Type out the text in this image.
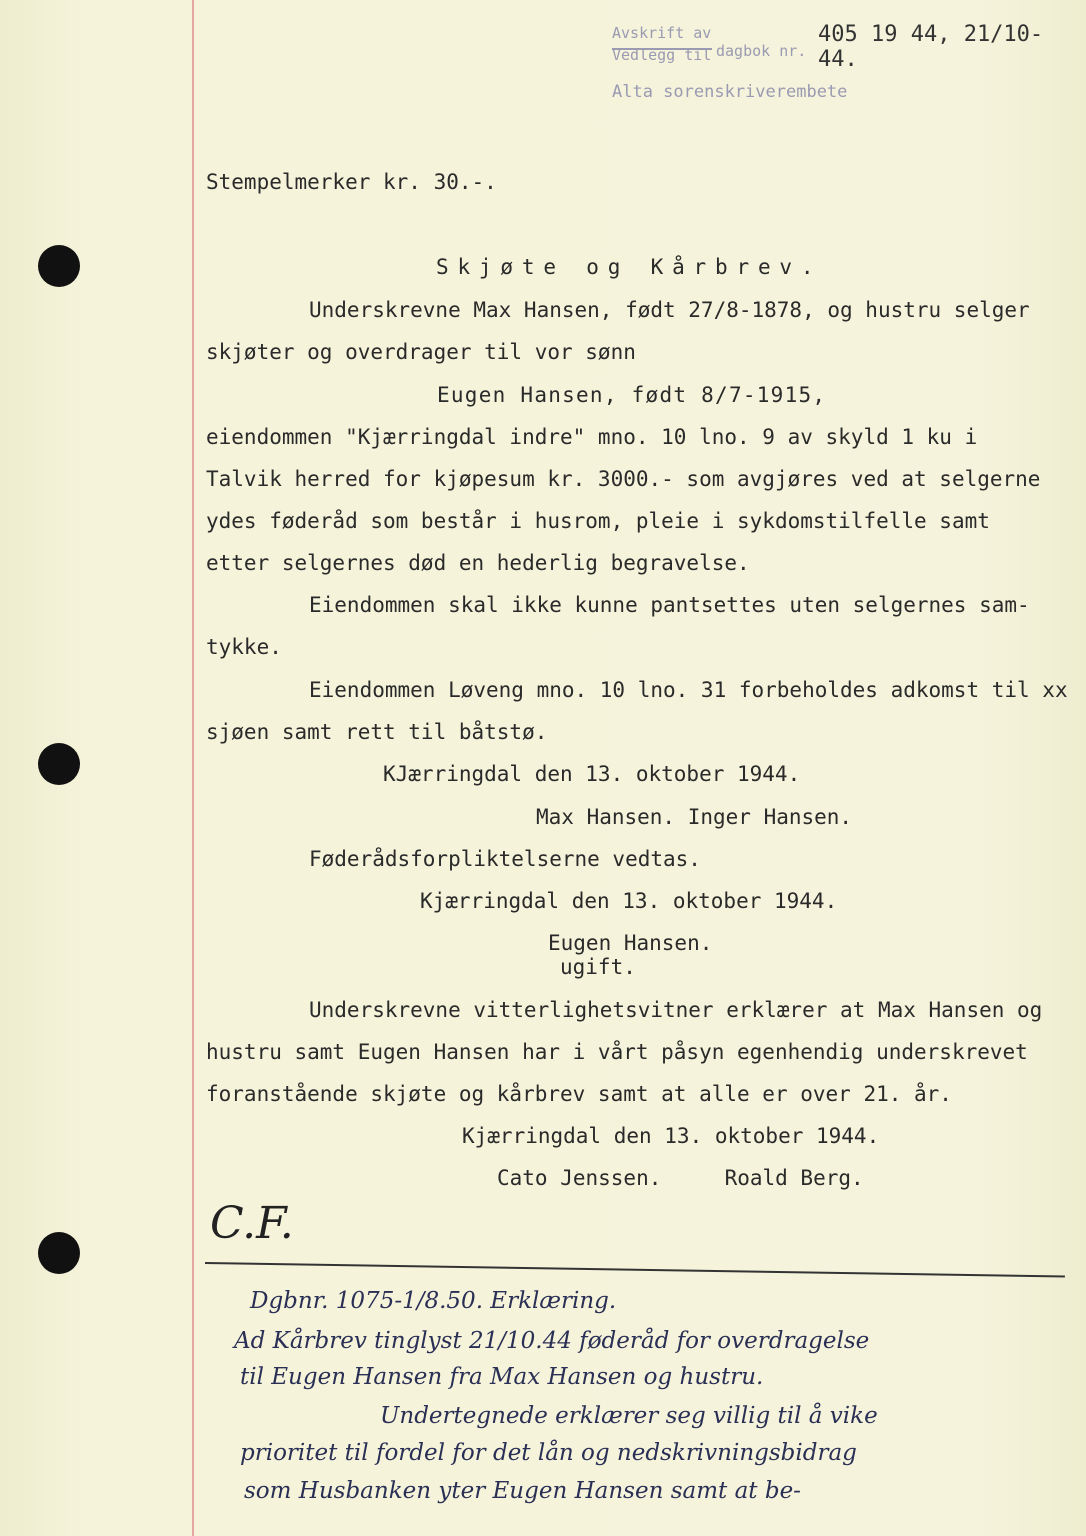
Avskrift av
Vedlegg til dagbok nr.
405 19 44, 21/10-44.
Alta sorenskriverembete
Stempelmerker kr. 30.-.
Skjøte og Kårbrev.
Underskrevne Max Hansen, født 27/8-1878, og hustru selger
skjøter og overdrager til vor sønn
Eugen Hansen, født 8/7-1915,
eiendommen "Kjærringdal indre" mno. 10 lno. 9 av skyld 1 ku i
Talvik herred for kjøpesum kr. 3000.- som avgjøres ved at selgerne
ydes føderåd som består i husrom, pleie i sykdomstilfelle samt
etter selgernes død en hederlig begravelse.
Eiendommen skal ikke kunne pantsettes uten selgernes sam-
tykke.
Eiendommen Løveng mno. 10 lno. 31 forbeholdes adkomst til xx
sjøen samt rett til båtstø.
KJærringdal den 13. oktober 1944.
Max Hansen. Inger Hansen.
Føderådsforpliktelserne vedtas.
Kjærringdal den 13. oktober 1944.
Eugen Hansen.
ugift.
Underskrevne vitterlighetsvitner erklærer at Max Hansen og
hustru samt Eugen Hansen har i vårt påsyn egenhendig underskrevet
foranstående skjøte og kårbrev samt at alle er over 21. år.
Kjærringdal den 13. oktober 1944.
Cato Jenssen.     Roald Berg.
C.F.
Dgbnr. 1075-1/8.50. Erklæring.
Ad Kårbrev tinglyst 21/10.44 føderåd for overdragelse
til Eugen Hansen fra Max Hansen og hustru.
Undertegnede erklærer seg villig til å vike
prioritet til fordel for det lån og nedskrivningsbidrag
som Husbanken yter Eugen Hansen samt at be-
